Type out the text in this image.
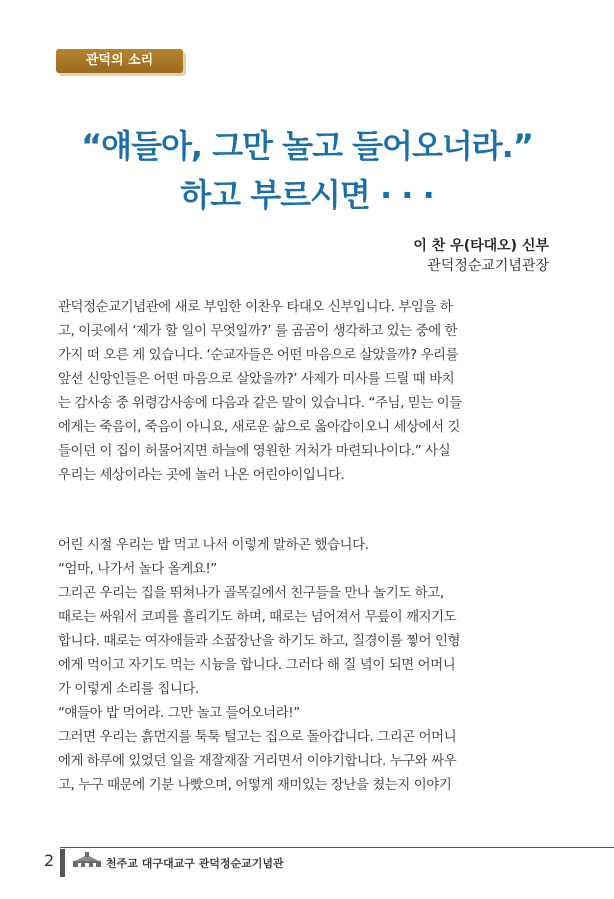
관덕의 소리
“얘들아, 그만 놀고 들어오너라.”
하고 부르시면 · · ·
이 찬 우(타대오) 신부
관덕정순교기념관장

관덕정순교기념관에 새로 부임한 이찬우 타대오 신부입니다. 부임을 하

고, 이곳에서 ‘제가 할 일이 무엇일까?’ 를 곰곰이 생각하고 있는 중에 한

가지 떠 오른 게 있습니다. ‘순교자들은 어떤 마음으로 살았을까? 우리를

앞선 신앙인들은 어떤 마음으로 살았을까?’ 사제가 미사를 드릴 때 바치

는 감사송 중 위령감사송에 다음과 같은 말이 있습니다. “주님, 믿는 이들

에게는 죽음이, 죽음이 아니요, 새로운 삶으로 옮아갑이오니 세상에서 깃

들이던 이 집이 허물어지면 하늘에 영원한 거처가 마련되나이다.” 사실

우리는 세상이라는 곳에 놀러 나온 어린아이입니다.

어린 시절 우리는 밥 먹고 나서 이렇게 말하곤 했습니다.

“엄마, 나가서 놀다 올게요!”

그리곤 우리는 집을 뛰쳐나가 골목길에서 친구들을 만나 놀기도 하고,

때로는 싸워서 코피를 흘리기도 하며, 때로는 넘어져서 무릎이 깨지기도

합니다. 때로는 여자애들과 소꿉장난을 하기도 하고, 질경이를 찧어 인형

에게 먹이고 자기도 먹는 시늉을 합니다. 그러다 해 질 녘이 되면 어머니

가 이렇게 소리를 칩니다.

“얘들아 밥 먹어라. 그만 놀고 들어오너라!”

그러면 우리는 흙먼지를 툭툭 털고는 집으로 돌아갑니다. 그리곤 어머니

에게 하루에 있었던 일을 재잘재잘 거리면서 이야기합니다. 누구와 싸우

고, 누구 때문에 기분 나빴으며, 어떻게 재미있는 장난을 쳤는지 이야기

2	천주교 대구대교구 관덕정순교기념관
